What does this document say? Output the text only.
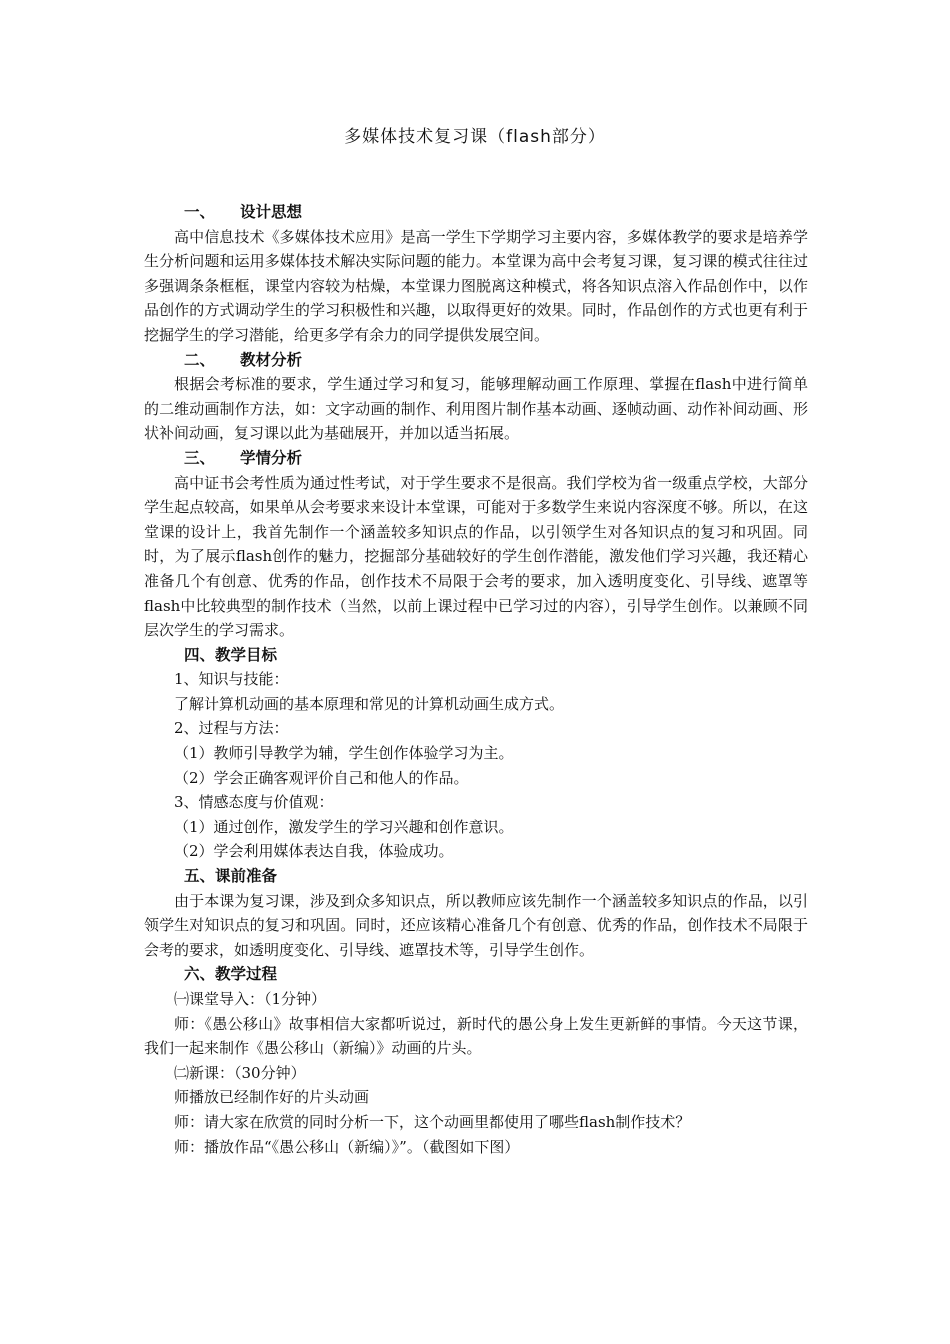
多媒体技术复习课（flash部分）
一、 设计思想
高中信息技术《多媒体技术应用》是高一学生下学期学习主要内容，多媒体教学的要求是培养学生分析问题和运用多媒体技术解决实际问题的能力。本堂课为高中会考复习课，复习课的模式往往过多强调条条框框，课堂内容较为枯燥，本堂课力图脱离这种模式，将各知识点溶入作品创作中，以作品创作的方式调动学生的学习积极性和兴趣，以取得更好的效果。同时，作品创作的方式也更有利于挖掘学生的学习潜能，给更多学有余力的同学提供发展空间。
二、 教材分析
根据会考标准的要求，学生通过学习和复习，能够理解动画工作原理、掌握在flash中进行简单的二维动画制作方法，如：文字动画的制作、利用图片制作基本动画、逐帧动画、动作补间动画、形状补间动画，复习课以此为基础展开，并加以适当拓展。
三、 学情分析
高中证书会考性质为通过性考试，对于学生要求不是很高。我们学校为省一级重点学校，大部分学生起点较高，如果单从会考要求来设计本堂课，可能对于多数学生来说内容深度不够。所以，在这堂课的设计上，我首先制作一个涵盖较多知识点的作品，以引领学生对各知识点的复习和巩固。同时，为了展示flash创作的魅力，挖掘部分基础较好的学生创作潜能，激发他们学习兴趣，我还精心准备几个有创意、优秀的作品，创作技术不局限于会考的要求，加入透明度变化、引导线、遮罩等flash中比较典型的制作技术（当然，以前上课过程中已学习过的内容），引导学生创作。以兼顾不同层次学生的学习需求。
四、教学目标
1、知识与技能：
了解计算机动画的基本原理和常见的计算机动画生成方式。
2、过程与方法：
（1）教师引导教学为辅，学生创作体验学习为主。
（2）学会正确客观评价自己和他人的作品。
3、情感态度与价值观：
（1）通过创作，激发学生的学习兴趣和创作意识。
（2）学会利用媒体表达自我，体验成功。
五、课前准备
由于本课为复习课，涉及到众多知识点，所以教师应该先制作一个涵盖较多知识点的作品，以引领学生对知识点的复习和巩固。同时，还应该精心准备几个有创意、优秀的作品，创作技术不局限于会考的要求，如透明度变化、引导线、遮罩技术等，引导学生创作。
六、教学过程
㈠课堂导入：（1分钟）
师：《愚公移山》故事相信大家都听说过，新时代的愚公身上发生更新鲜的事情。今天这节课，我们一起来制作《愚公移山（新编）》动画的片头。
㈡新课：（30分钟）
师播放已经制作好的片头动画
师：请大家在欣赏的同时分析一下，这个动画里都使用了哪些flash制作技术？
师：播放作品“《愚公移山（新编）》”。（截图如下图）
